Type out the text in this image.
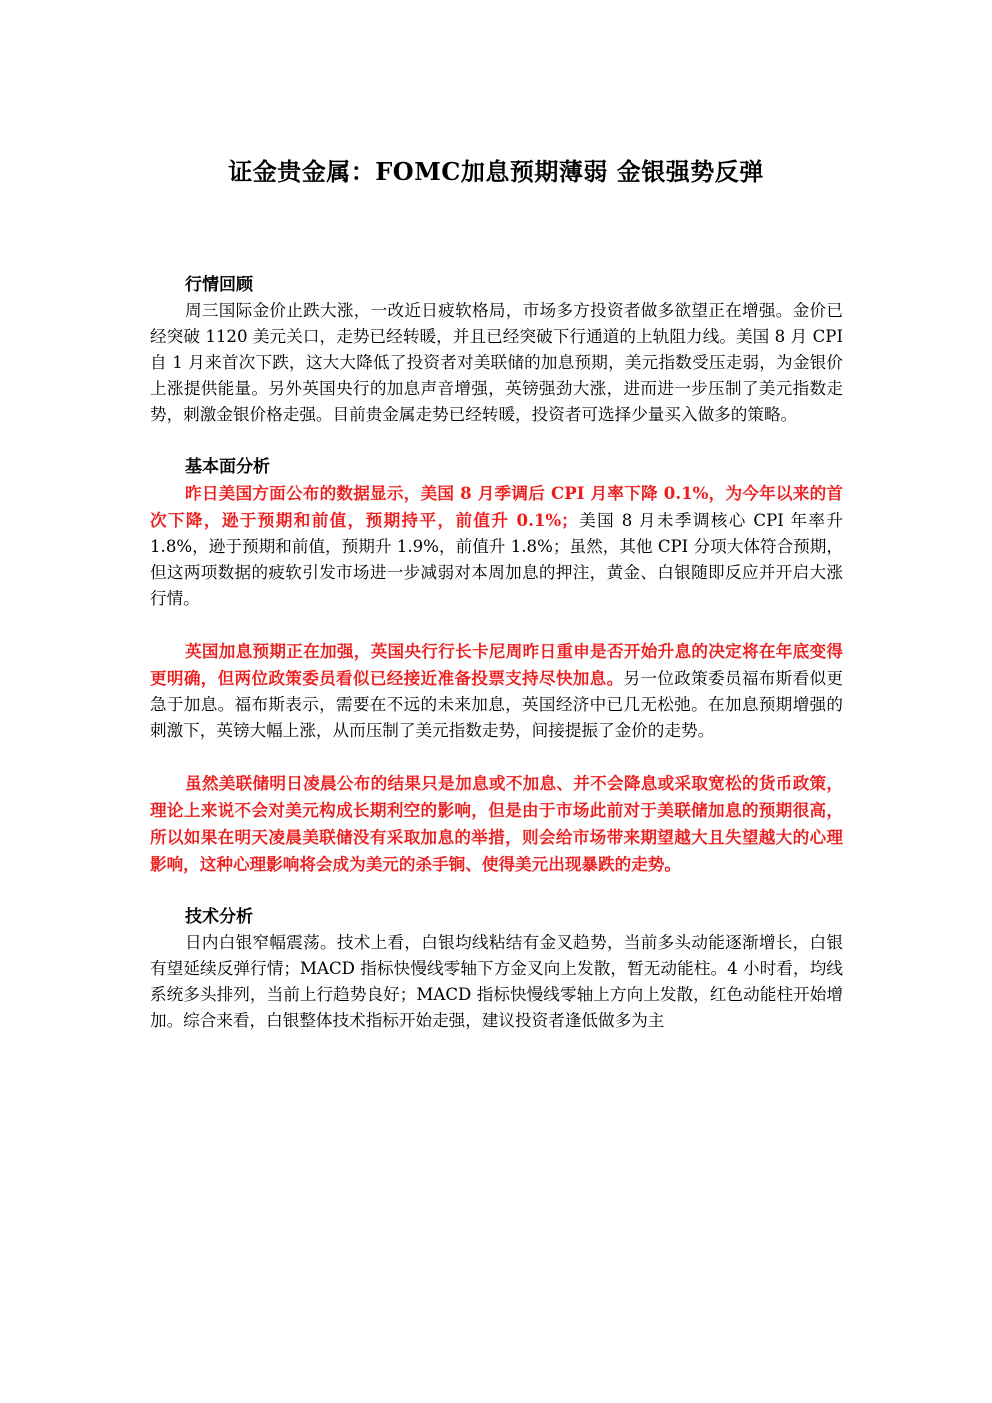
证金贵金属：FOMC加息预期薄弱 金银强势反弹

行情回顾

周三国际金价止跌大涨，一改近日疲软格局，市场多方投资者做多欲望正在增强。金价已经突破 1120 美元关口，走势已经转暖，并且已经突破下行通道的上轨阻力线。美国 8 月 CPI 自 1 月来首次下跌，这大大降低了投资者对美联储的加息预期，美元指数受压走弱，为金银价上涨提供能量。另外英国央行的加息声音增强，英镑强劲大涨，进而进一步压制了美元指数走势，刺激金银价格走强。目前贵金属走势已经转暖，投资者可选择少量买入做多的策略。

基本面分析

昨日美国方面公布的数据显示，美国 8 月季调后 CPI 月率下降 0.1%，为今年以来的首次下降，逊于预期和前值，预期持平，前值升 0.1%；美国 8 月未季调核心 CPI 年率升 1.8%，逊于预期和前值，预期升 1.9%，前值升 1.8%；虽然，其他 CPI 分项大体符合预期，但这两项数据的疲软引发市场进一步减弱对本周加息的押注，黄金、白银随即反应并开启大涨行情。

英国加息预期正在加强，英国央行行长卡尼周昨日重申是否开始升息的决定将在年底变得更明确，但两位政策委员看似已经接近准备投票支持尽快加息。另一位政策委员福布斯看似更急于加息。福布斯表示，需要在不远的未来加息，英国经济中已几无松弛。在加息预期增强的刺激下，英镑大幅上涨，从而压制了美元指数走势，间接提振了金价的走势。

虽然美联储明日凌晨公布的结果只是加息或不加息、并不会降息或采取宽松的货币政策，理论上来说不会对美元构成长期利空的影响，但是由于市场此前对于美联储加息的预期很高，所以如果在明天凌晨美联储没有采取加息的举措，则会给市场带来期望越大且失望越大的心理影响，这种心理影响将会成为美元的杀手锏、使得美元出现暴跌的走势。

技术分析

日内白银窄幅震荡。技术上看，白银均线粘结有金叉趋势，当前多头动能逐渐增长，白银有望延续反弹行情；MACD 指标快慢线零轴下方金叉向上发散，暂无动能柱。4 小时看，均线系统多头排列，当前上行趋势良好；MACD 指标快慢线零轴上方向上发散，红色动能柱开始增加。综合来看，白银整体技术指标开始走强，建议投资者逢低做多为主
